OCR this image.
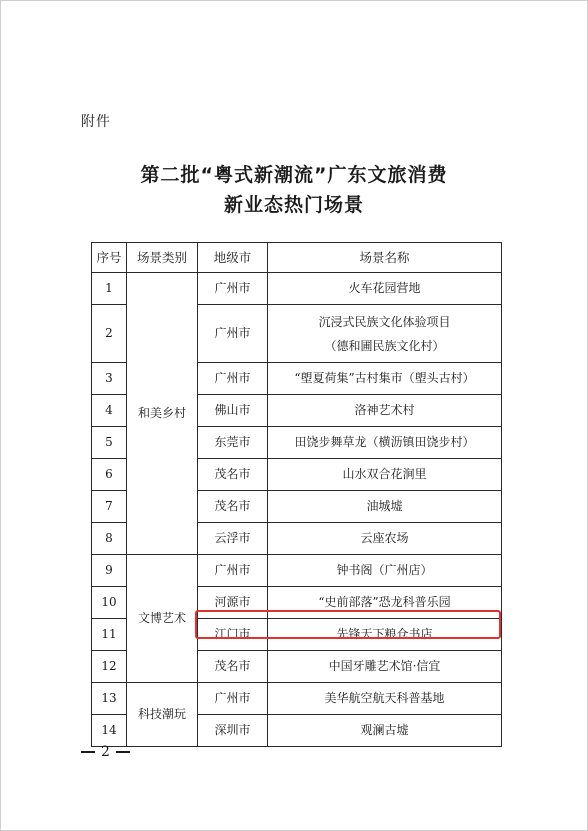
附件
第二批“粤式新潮流”广东文旅消费
新业态热门场景
序号	场景类别	地级市	场景名称
1	和美乡村	广州市	火车花园营地
2		广州市	沉浸式民族文化体验项目
（德和圃民族文化村）

3		广州市	“塱夏荷集”古村集市（塱头古村）
4		佛山市	洛神艺术村
5		东莞市	田饶步舞草龙（横沥镇田饶步村）
6		茂名市	山水双合花涧里
7		茂名市	油城墟
8		云浮市	云座农场
9	文博艺术	广州市	钟书阁（广州店）
10		河源市	“史前部落”恐龙科普乐园
11		江门市	先锋天下粮仓书店
12		茂名市	中国牙雕艺术馆·信宜
13	科技潮玩	广州市	美华航空航天科普基地
14		深圳市	观澜古墟
2
